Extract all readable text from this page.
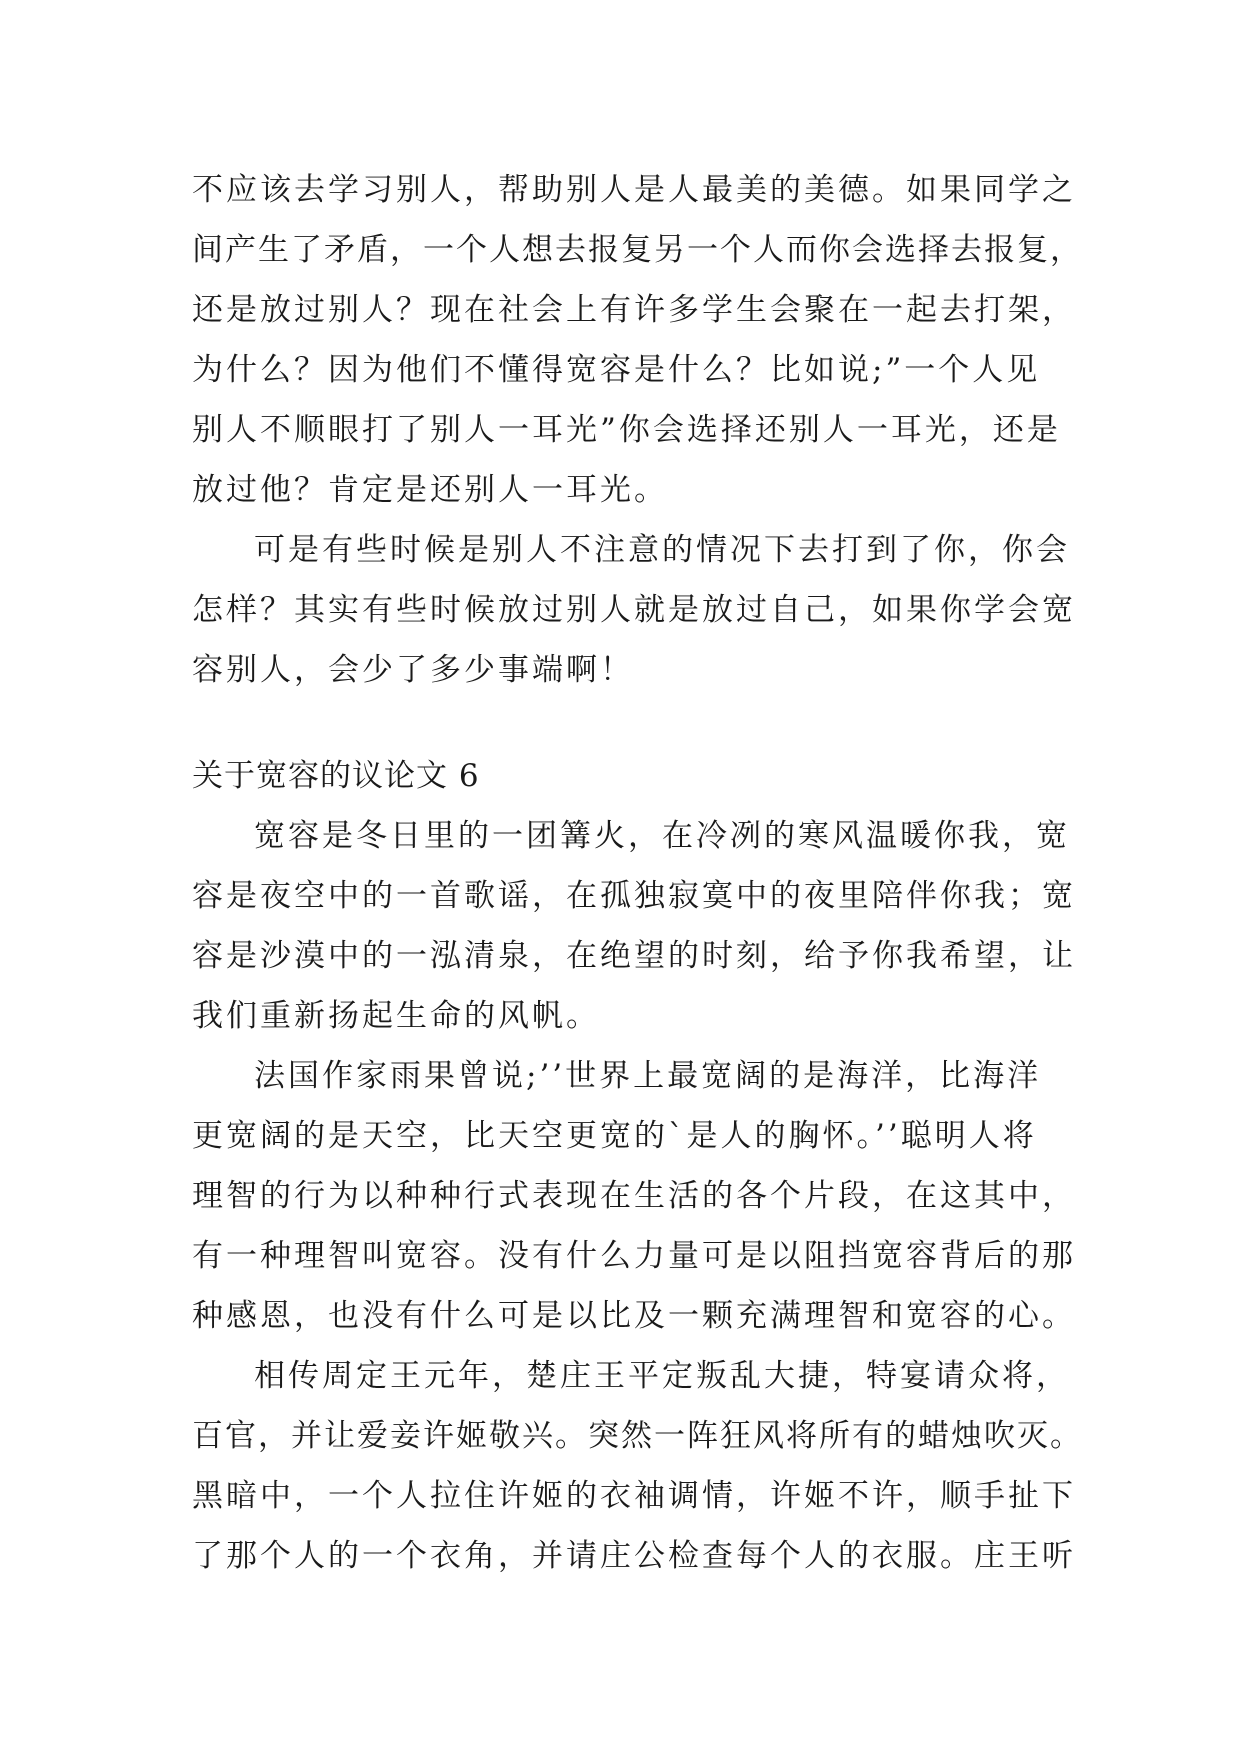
不应该去学习别人，帮助别人是人最美的美德。如果同学之
间产生了矛盾，一个人想去报复另一个人而你会选择去报复，
还是放过别人？现在社会上有许多学生会聚在一起去打架，
为什么？因为他们不懂得宽容是什么？比如说;”一个人见
别人不顺眼打了别人一耳光”你会选择还别人一耳光，还是
放过他？肯定是还别人一耳光。
可是有些时候是别人不注意的情况下去打到了你，你会
怎样？其实有些时候放过别人就是放过自己，如果你学会宽
容别人，会少了多少事端啊！
关于宽容的议论文 6
宽容是冬日里的一团篝火，在冷冽的寒风温暖你我，宽
容是夜空中的一首歌谣，在孤独寂寞中的夜里陪伴你我；宽
容是沙漠中的一泓清泉，在绝望的时刻，给予你我希望，让
我们重新扬起生命的风帆。
法国作家雨果曾说;’’世界上最宽阔的是海洋，比海洋
更宽阔的是天空，比天空更宽的`是人的胸怀。’’聪明人将
理智的行为以种种行式表现在生活的各个片段，在这其中，
有一种理智叫宽容。没有什么力量可是以阻挡宽容背后的那
种感恩，也没有什么可是以比及一颗充满理智和宽容的心。
相传周定王元年，楚庄王平定叛乱大捷，特宴请众将，
百官，并让爱妾许姬敬兴。突然一阵狂风将所有的蜡烛吹灭。
黑暗中，一个人拉住许姬的衣袖调情，许姬不许，顺手扯下
了那个人的一个衣角，并请庄公检查每个人的衣服。庄王听
